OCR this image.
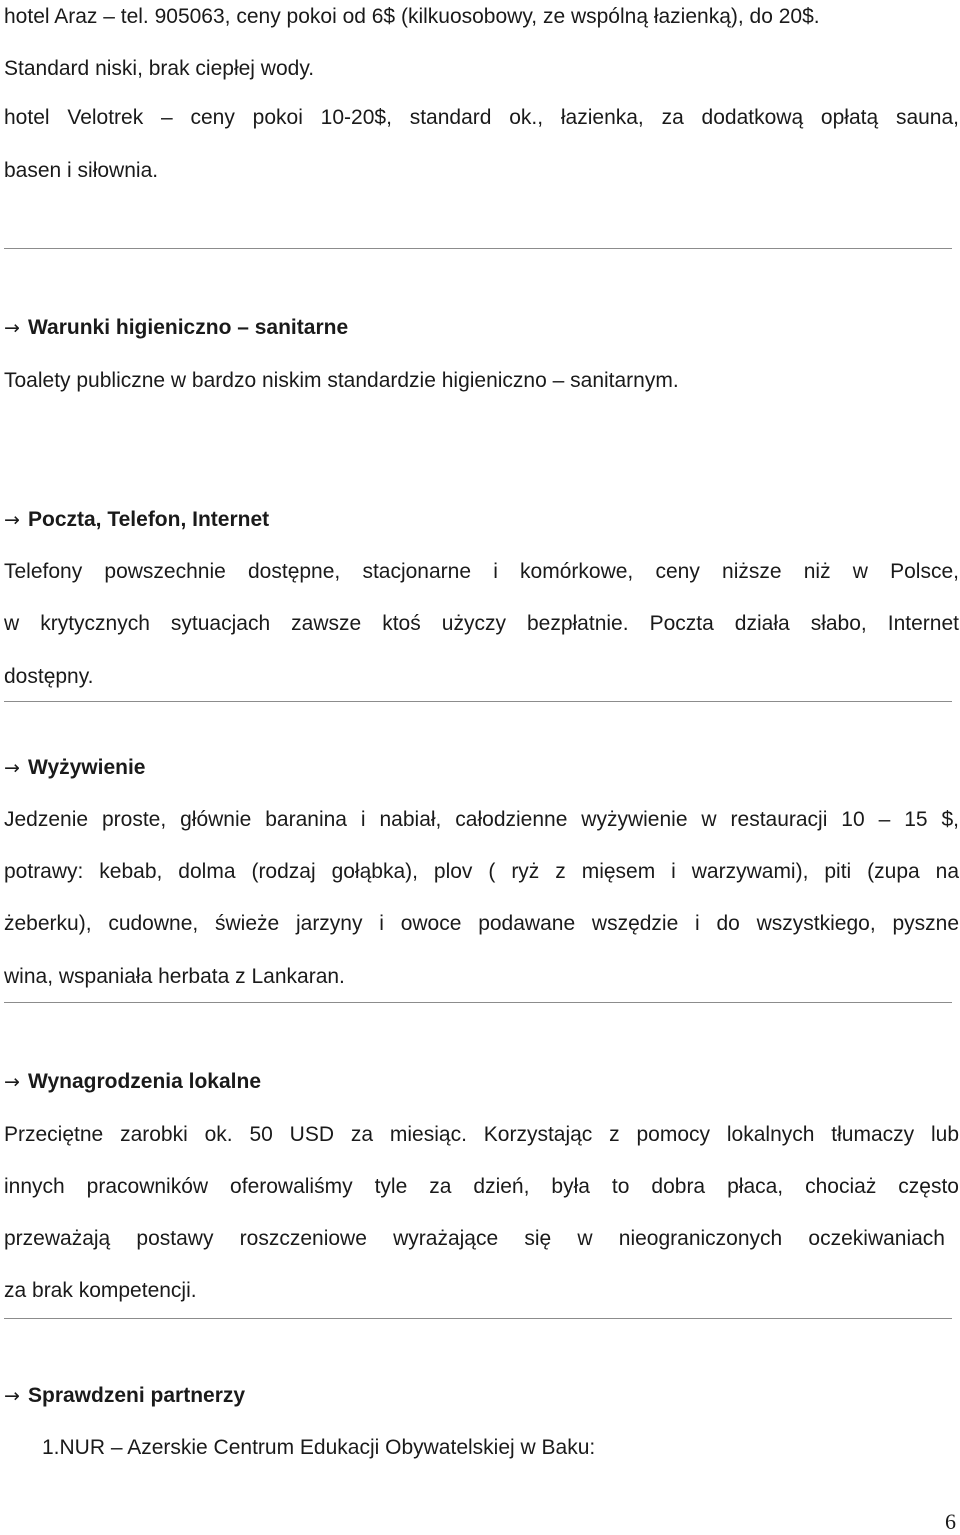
hotel Araz – tel. 905063, ceny pokoi od 6$ (kilkuosobowy, ze wspólną łazienką), do 20$.
Standard niski, brak ciepłej wody.
hotel Velotrek – ceny pokoi 10-20$, standard ok., łazienka, za dodatkową opłatą sauna,
basen i siłownia.
→ Warunki higieniczno – sanitarne
Toalety publiczne w bardzo niskim standardzie higieniczno – sanitarnym.
→ Poczta, Telefon, Internet
Telefony powszechnie dostępne, stacjonarne i komórkowe, ceny niższe niż w Polsce,
w krytycznych sytuacjach zawsze ktoś użyczy bezpłatnie. Poczta działa słabo, Internet
dostępny.
→ Wyżywienie
Jedzenie proste, głównie baranina i nabiał, całodzienne wyżywienie w restauracji 10 – 15 $,
potrawy: kebab, dolma (rodzaj gołąbka), plov ( ryż z mięsem i warzywami), piti (zupa na
żeberku), cudowne, świeże jarzyny i owoce podawane wszędzie i do wszystkiego, pyszne
wina, wspaniała herbata z Lankaran.
→ Wynagrodzenia lokalne
Przeciętne zarobki ok. 50 USD za miesiąc. Korzystając z pomocy lokalnych tłumaczy lub
innych pracowników oferowaliśmy tyle za dzień, była to dobra płaca, chociaż często
przeważają postawy roszczeniowe wyrażające się w nieograniczonych oczekiwaniach
za brak kompetencji.
→ Sprawdzeni partnerzy
1.NUR – Azerskie Centrum Edukacji Obywatelskiej w Baku:
6
